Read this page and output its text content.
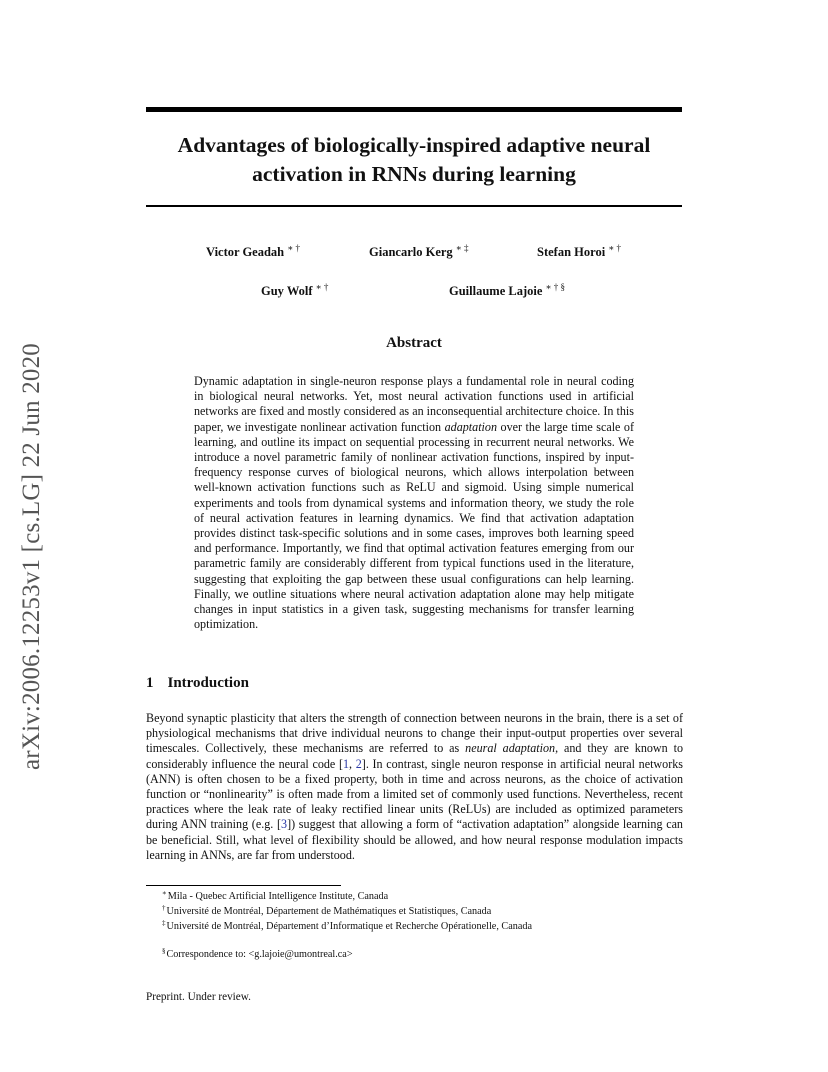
arXiv:2006.12253v1 [cs.LG] 22 Jun 2020
Advantages of biologically-inspired adaptive neural
activation in RNNs during learning
Victor Geadah ∗ †	Giancarlo Kerg ∗ ‡	Stefan Horoi ∗ †
Guy Wolf ∗ †	Guillaume Lajoie ∗ † §
Abstract
Dynamic adaptation in single-neuron response plays a fundamental role in neural coding in biological neural networks. Yet, most neural activation functions used in artificial networks are fixed and mostly considered as an inconsequential architecture choice. In this paper, we investigate nonlinear activation function adaptation over the large time scale of learning, and outline its impact on sequential processing in recurrent neural networks. We introduce a novel parametric family of nonlinear activation functions, inspired by input-frequency response curves of biological neurons, which allows interpolation between well-known activation functions such as ReLU and sigmoid. Using simple numerical experiments and tools from dynamical systems and information theory, we study the role of neural activation features in learning dynamics. We find that activation adaptation provides distinct task-specific solutions and in some cases, improves both learning speed and performance. Importantly, we find that optimal activation features emerging from our parametric family are considerably different from typical functions used in the literature, suggesting that exploiting the gap between these usual configurations can help learning. Finally, we outline situations where neural activation adaptation alone may help mitigate changes in input statistics in a given task, suggesting mechanisms for transfer learning optimization.
1 Introduction
Beyond synaptic plasticity that alters the strength of connection between neurons in the brain, there is a set of physiological mechanisms that drive individual neurons to change their input-output properties over several timescales. Collectively, these mechanisms are referred to as neural adaptation, and they are known to considerably influence the neural code [1, 2]. In contrast, single neuron response in artificial neural networks (ANN) is often chosen to be a fixed property, both in time and across neurons, as the choice of activation function or “nonlinearity” is often made from a limited set of commonly used functions. Nevertheless, recent practices where the leak rate of leaky rectified linear units (ReLUs) are included as optimized parameters during ANN training (e.g. [3]) suggest that allowing a form of “activation adaptation” alongside learning can be beneficial. Still, what level of flexibility should be allowed, and how neural response modulation impacts learning in ANNs, are far from understood.
∗Mila - Quebec Artificial Intelligence Institute, Canada
†Université de Montréal, Département de Mathématiques et Statistiques, Canada
‡Université de Montréal, Département d’Informatique et Recherche Opérationelle, Canada
§Correspondence to: <g.lajoie@umontreal.ca>
Preprint. Under review.
